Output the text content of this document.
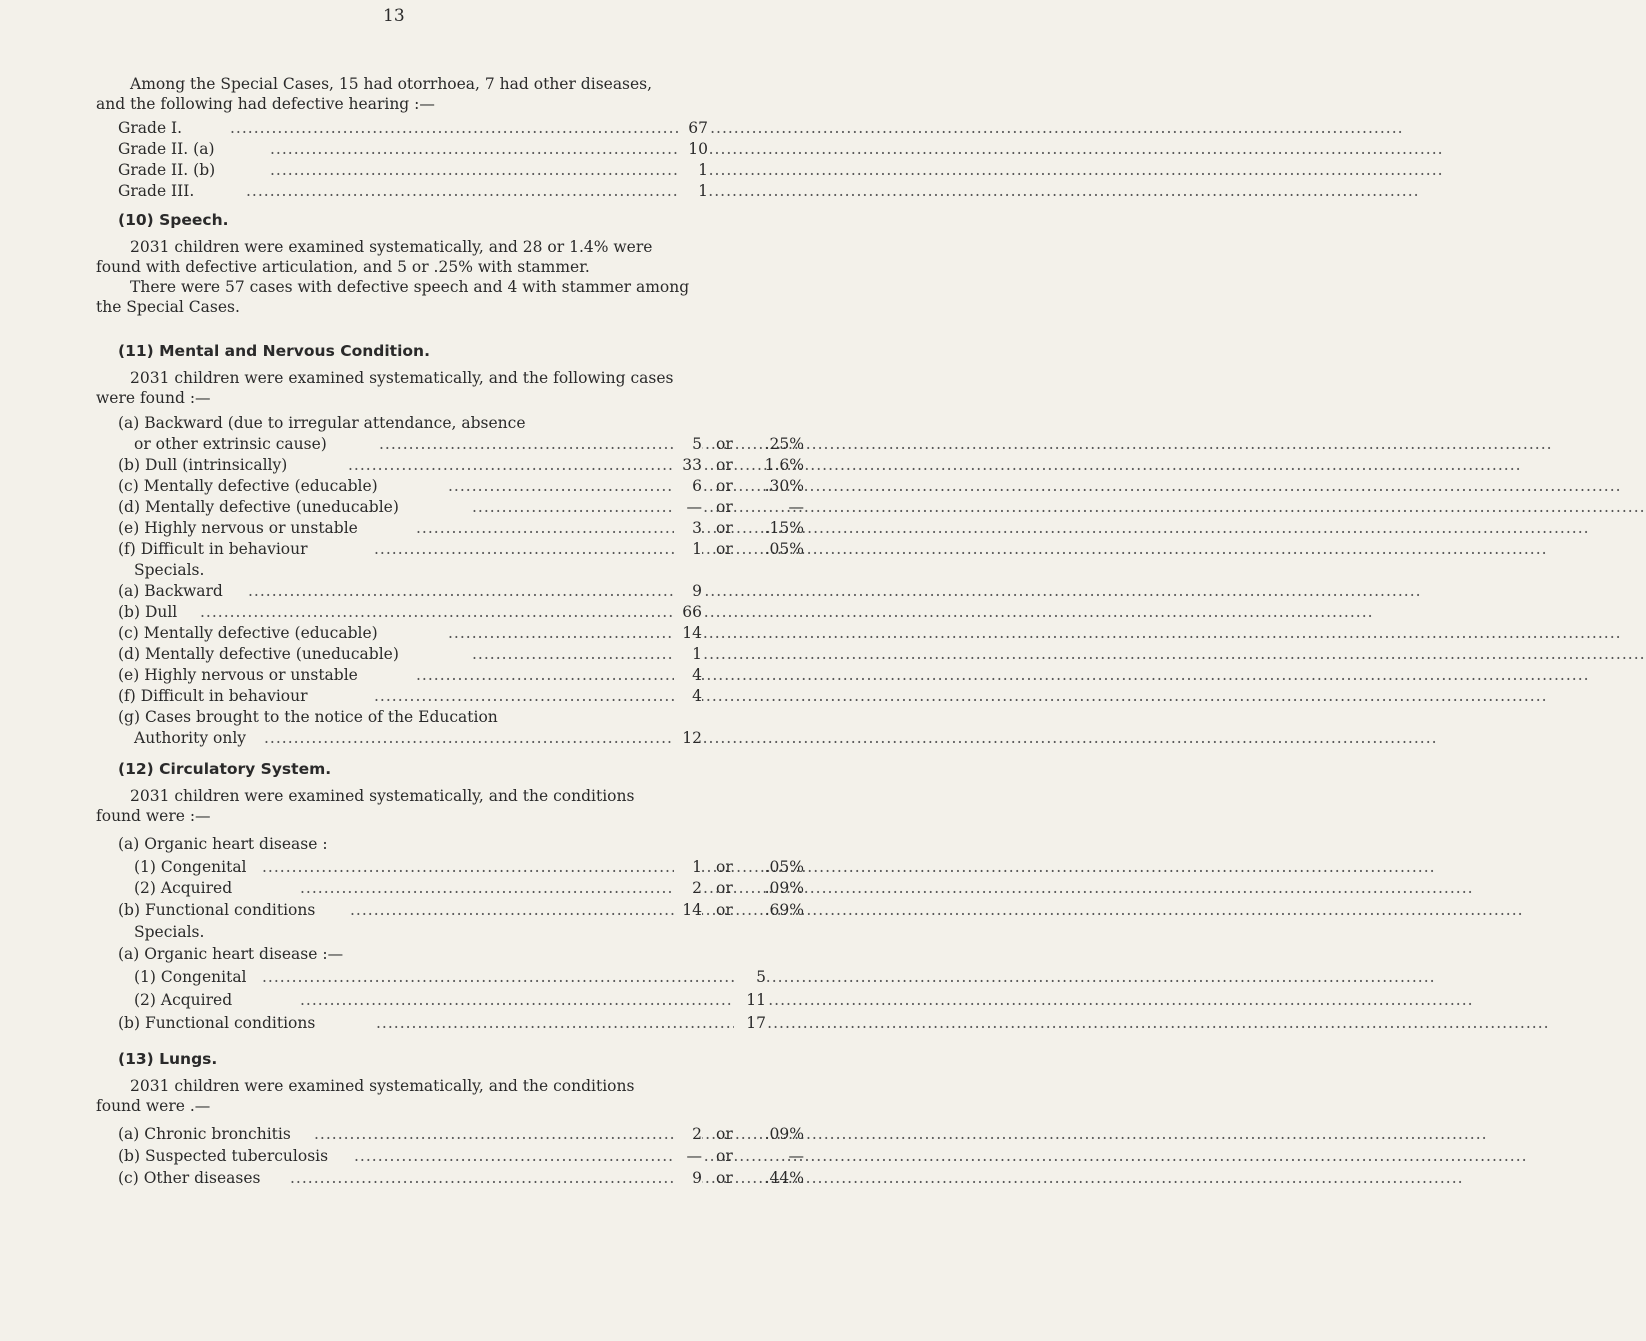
13
Among the Special Cases, 15 had otorrhoea, 7 had other diseases,
and the following had defective hearing :—
Grade I. .....	67
Grade II. (a) .....	10
Grade II. (b) .....	1
Grade III. .....	1
(10) Speech.
2031 children were examined systematically, and 28 or 1.4% were
found with defective articulation, and 5 or .25% with stammer.
There were 57 cases with defective speech and 4 with stammer among
the Special Cases.
(11) Mental and Nervous Condition.
2031 children were examined systematically, and the following cases
were found :—
(a) Backward (due to irregular attendance, absence
or other extrinsic cause) .....	5 or	.25%
(b) Dull (intrinsically) .....	33 or	1.6%
(c) Mentally defective (educable) .....	6 or	.30%
(d) Mentally defective (uneducable) .....	— or	—
(e) Highly nervous or unstable .....	3 or	.15%
(f) Difficult in behaviour .....	1 or	.05%
Specials.
(a) Backward .....	9
(b) Dull .....	66
(c) Mentally defective (educable) .....	14
(d) Mentally defective (uneducable) .....	1
(e) Highly nervous or unstable .....	4
(f) Difficult in behaviour .....	4
(g) Cases brought to the notice of the Education
Authority only .....	12
(12) Circulatory System.
2031 children were examined systematically, and the conditions
found were :—
(a) Organic heart disease :
(1) Congenital .....	1 or	.05%
(2) Acquired .....	2 or	.09%
(b) Functional conditions .....	14 or	.69%
Specials.
(a) Organic heart disease :—
(1) Congenital .....	5
(2) Acquired .....	11
(b) Functional conditions .....	17
(13) Lungs.
2031 children were examined systematically, and the conditions
found were .—
(a) Chronic bronchitis .....	2 or	.09%
(b) Suspected tuberculosis .....	— or	—
(c) Other diseases .....	9 or	.44%
